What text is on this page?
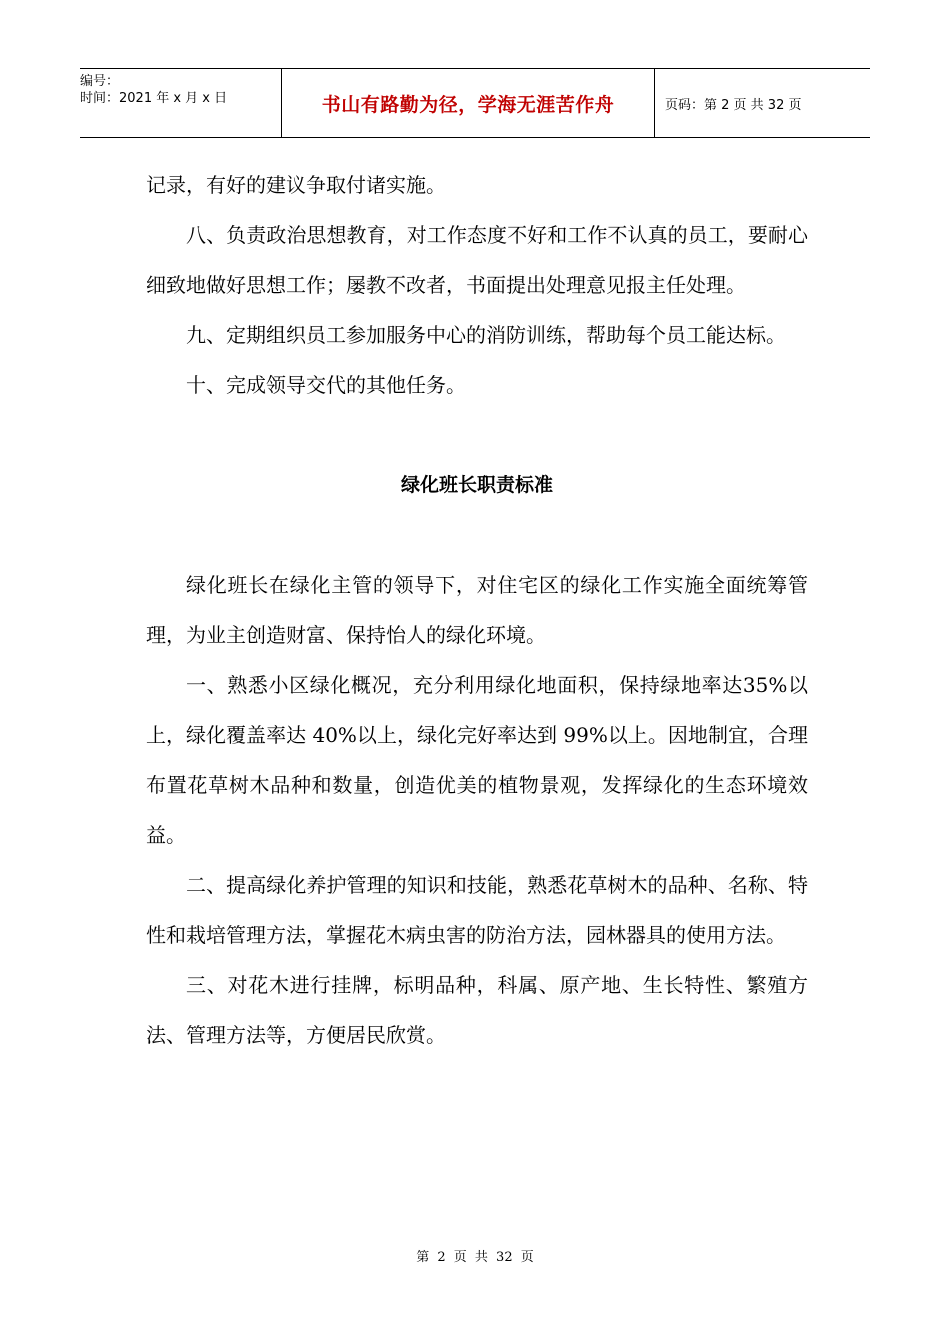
编号：
时间：2021 年 x 月 x 日	书山有路勤为径，学海无涯苦作舟	页码：第 2 页 共 32 页

记录，有好的建议争取付诸实施。

八、负责政治思想教育，对工作态度不好和工作不认真的员工，要耐心细致地做好思想工作；屡教不改者，书面提出处理意见报主任处理。

九、定期组织员工参加服务中心的消防训练，帮助每个员工能达标。

十、完成领导交代的其他任务。

绿化班长职责标准

绿化班长在绿化主管的领导下，对住宅区的绿化工作实施全面统筹管理，为业主创造财富、保持怡人的绿化环境。

一、熟悉小区绿化概况，充分利用绿化地面积，保持绿地率达35%以上，绿化覆盖率达 40%以上，绿化完好率达到 99%以上。因地制宜，合理布置花草树木品种和数量，创造优美的植物景观，发挥绿化的生态环境效益。

二、提高绿化养护管理的知识和技能，熟悉花草树木的品种、名称、特性和栽培管理方法，掌握花木病虫害的防治方法，园林器具的使用方法。

三、对花木进行挂牌，标明品种，科属、原产地、生长特性、繁殖方法、管理方法等，方便居民欣赏。

第 2 页 共 32 页
